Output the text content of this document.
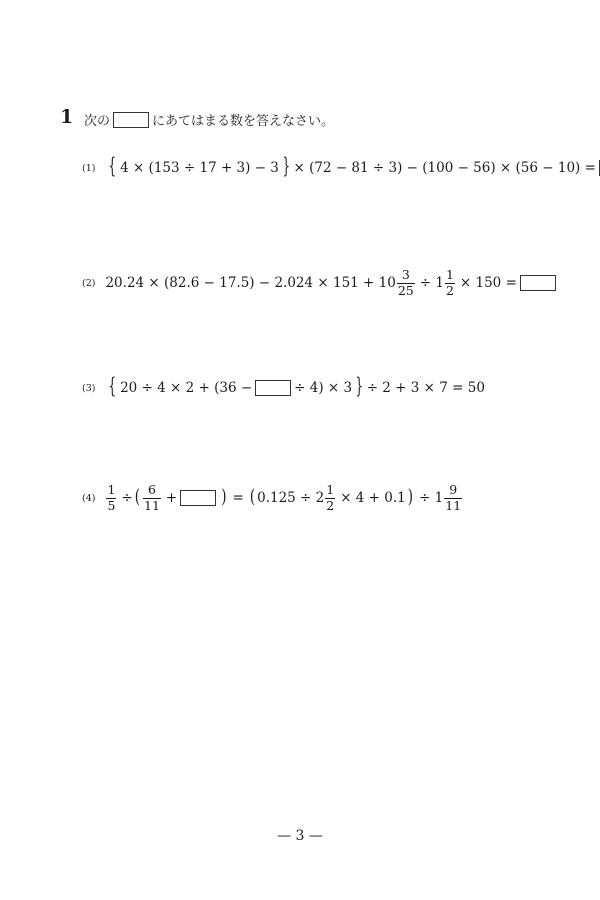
1 次の	にあてはまる数を答えなさい。
(1) { 4 × (153 ÷ 17 + 3) − 3 } × (72 − 81 ÷ 3) − (100 − 56) × (56 − 10) =
(2) $20.24 \times (82.6 - 17.5) - 2.024 \times 151 + 10 \frac{3}{25} \div 1 \frac{1}{2} \times 150$ =
(3) { 20 ÷ 4 × 2 + (36 −	÷ 4) × 3 } ÷ 2 + 3 × 7 = 50
$(4) \frac{1}{5}$ ÷ ( $\frac{6}{11}$ +	) = ( $0.125 \div 2 \frac{1}{2} \times 4 + 0.1$ ) ÷ $1 \frac{9}{11}$
— 3 —
